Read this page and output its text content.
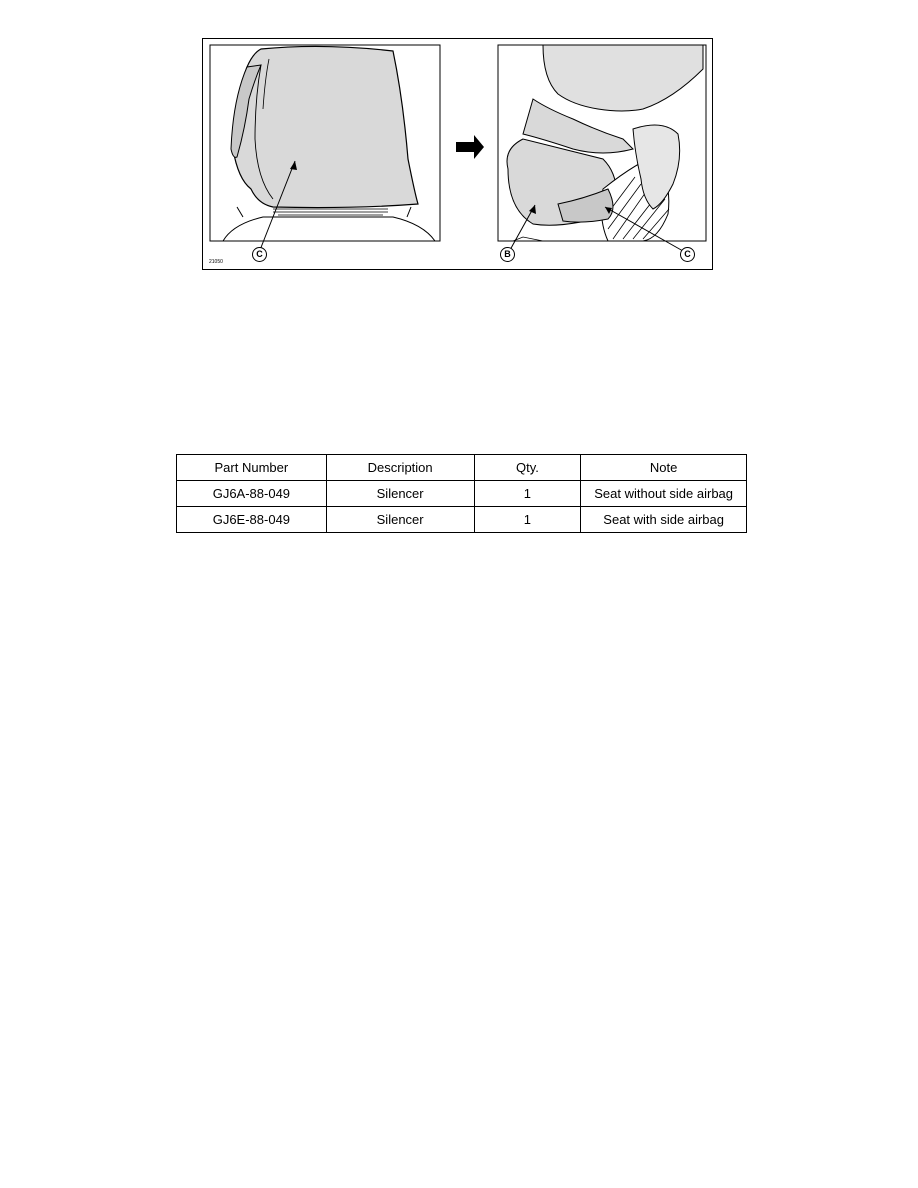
21050
C	B	C
Part Number	Description	Qty.	Note
GJ6A-88-049	Silencer	1	Seat without side airbag
GJ6E-88-049	Silencer	1	Seat with side airbag
